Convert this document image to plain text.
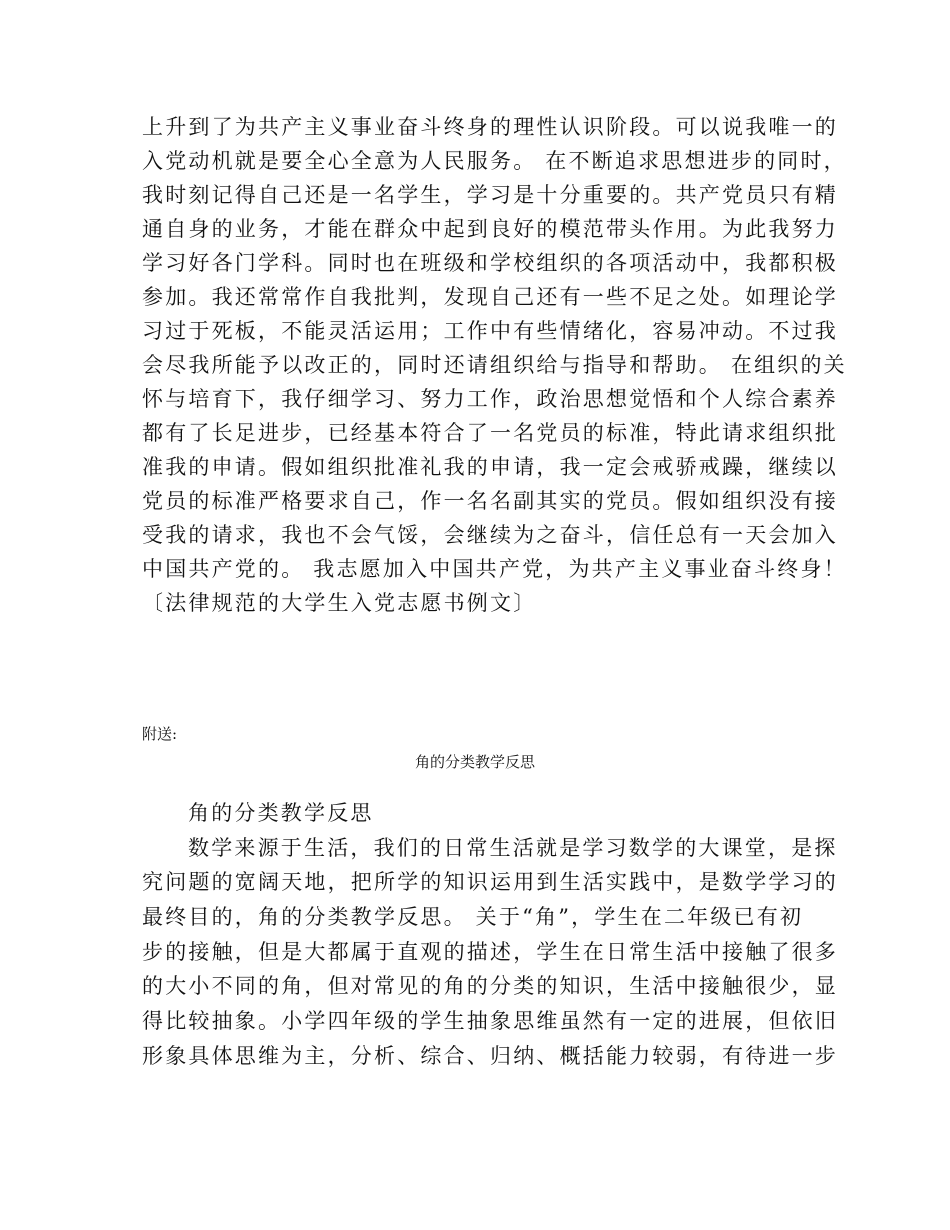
上升到了为共产主义事业奋斗终身的理性认识阶段。可以说我唯一的
入党动机就是要全心全意为人民服务。 在不断追求思想进步的同时，
我时刻记得自己还是一名学生，学习是十分重要的。共产党员只有精
通自身的业务，才能在群众中起到良好的模范带头作用。为此我努力
学习好各门学科。同时也在班级和学校组织的各项活动中，我都积极
参加。我还常常作自我批判，发现自己还有一些不足之处。如理论学
习过于死板，不能灵活运用；工作中有些情绪化，容易冲动。不过我
会尽我所能予以改正的，同时还请组织给与指导和帮助。 在组织的关
怀与培育下，我仔细学习、努力工作，政治思想觉悟和个人综合素养
都有了长足进步，已经基本符合了一名党员的标准，特此请求组织批
准我的申请。假如组织批准礼我的申请，我一定会戒骄戒躁，继续以
党员的标准严格要求自己，作一名名副其实的党员。假如组织没有接
受我的请求，我也不会气馁，会继续为之奋斗，信任总有一天会加入
中国共产党的。 我志愿加入中国共产党，为共产主义事业奋斗终身！
〔法律规范的大学生入党志愿书例文〕
附送:
角的分类教学反思
角的分类教学反思
数学来源于生活，我们的日常生活就是学习数学的大课堂，是探
究问题的宽阔天地，把所学的知识运用到生活实践中，是数学学习的
最终目的，角的分类教学反思。 关于“角”，学生在二年级已有初
步的接触，但是大都属于直观的描述，学生在日常生活中接触了很多
的大小不同的角，但对常见的角的分类的知识，生活中接触很少，显
得比较抽象。小学四年级的学生抽象思维虽然有一定的进展，但依旧
形象具体思维为主，分析、综合、归纳、概括能力较弱，有待进一步
